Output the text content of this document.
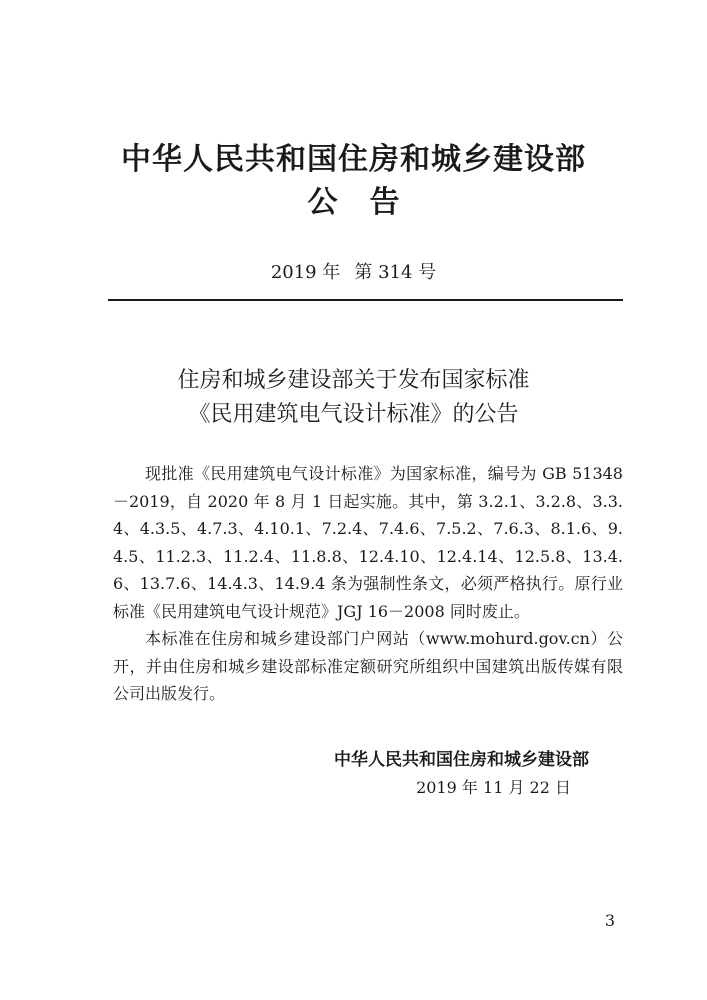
中华人民共和国住房和城乡建设部
公告
2019 年 第 314 号
住房和城乡建设部关于发布国家标准
《民用建筑电气设计标准》的公告

现批准《民用建筑电气设计标准》为国家标准，编号为 GB 51348－2019，自 2020 年 8 月 1 日起实施。其中，第 3.2.1、3.2.8、3.3.4、4.3.5、4.7.3、4.10.1、7.2.4、7.4.6、7.5.2、7.6.3、8.1.6、9.4.5、11.2.3、11.2.4、11.8.8、12.4.10、12.4.14、12.5.8、13.4.6、13.7.6、14.4.3、14.9.4 条为强制性条文，必须严格执行。原行业标准《民用建筑电气设计规范》JGJ 16－2008 同时废止。

本标准在住房和城乡建设部门户网站（www.mohurd.gov.cn）公开，并由住房和城乡建设部标准定额研究所组织中国建筑出版传媒有限公司出版发行。

中华人民共和国住房和城乡建设部
2019 年 11 月 22 日
3
